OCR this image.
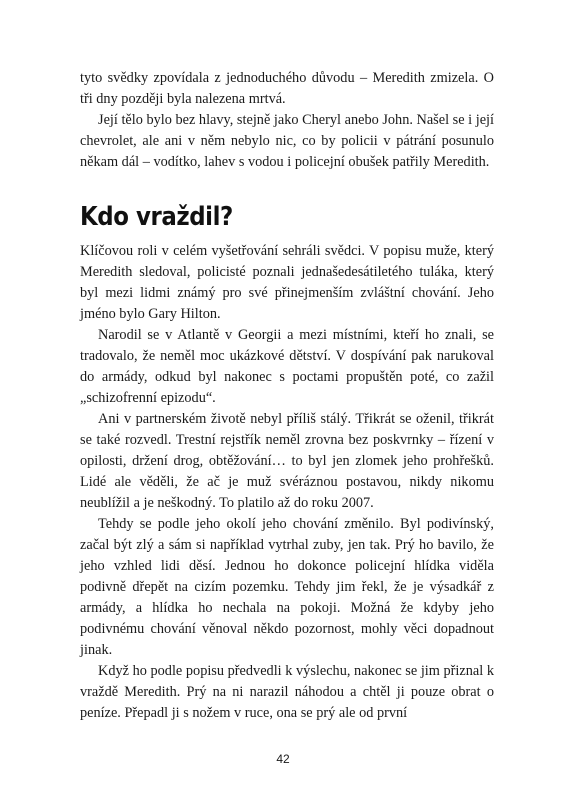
tyto svědky zpovídala z jednoduchého důvodu – Meredith zmizela. O tři dny později byla nalezena mrtvá.

Její tělo bylo bez hlavy, stejně jako Cheryl anebo John. Našel se i její chevrolet, ale ani v něm nebylo nic, co by policii v pátrání posunulo někam dál – vodítko, lahev s vodou i policejní obušek patřily Meredith.

Kdo vraždil?

Klíčovou roli v celém vyšetřování sehráli svědci. V popisu muže, který Meredith sledoval, policisté poznali jednašedesátiletého tuláka, který byl mezi lidmi známý pro své přinejmenším zvláštní chování. Jeho jméno bylo Gary Hilton.

Narodil se v Atlantě v Georgii a mezi místními, kteří ho znali, se tradovalo, že neměl moc ukázkové dětství. V dospívání pak narukoval do armády, odkud byl nakonec s poctami propuštěn poté, co zažil „schizofrenní epizodu“.

Ani v partnerském životě nebyl příliš stálý. Třikrát se oženil, třikrát se také rozvedl. Trestní rejstřík neměl zrovna bez poskvrnky – řízení v opilosti, držení drog, obtěžování… to byl jen zlomek jeho prohřešků. Lidé ale věděli, že ač je muž svéráznou postavou, nikdy nikomu neublížil a je neškodný. To platilo až do roku 2007.

Tehdy se podle jeho okolí jeho chování změnilo. Byl podivínský, začal být zlý a sám si například vytrhal zuby, jen tak. Prý ho bavilo, že jeho vzhled lidi děsí. Jednou ho dokonce policejní hlídka viděla podivně dřepět na cizím pozemku. Tehdy jim řekl, že je výsadkář z armády, a hlídka ho nechala na pokoji. Možná že kdyby jeho podivnému chování věnoval někdo pozornost, mohly věci dopadnout jinak.

Když ho podle popisu předvedli k výslechu, nakonec se jim přiznal k vraždě Meredith. Prý na ni narazil náhodou a chtěl ji pouze obrat o peníze. Přepadl ji s nožem v ruce, ona se prý ale od první

42
